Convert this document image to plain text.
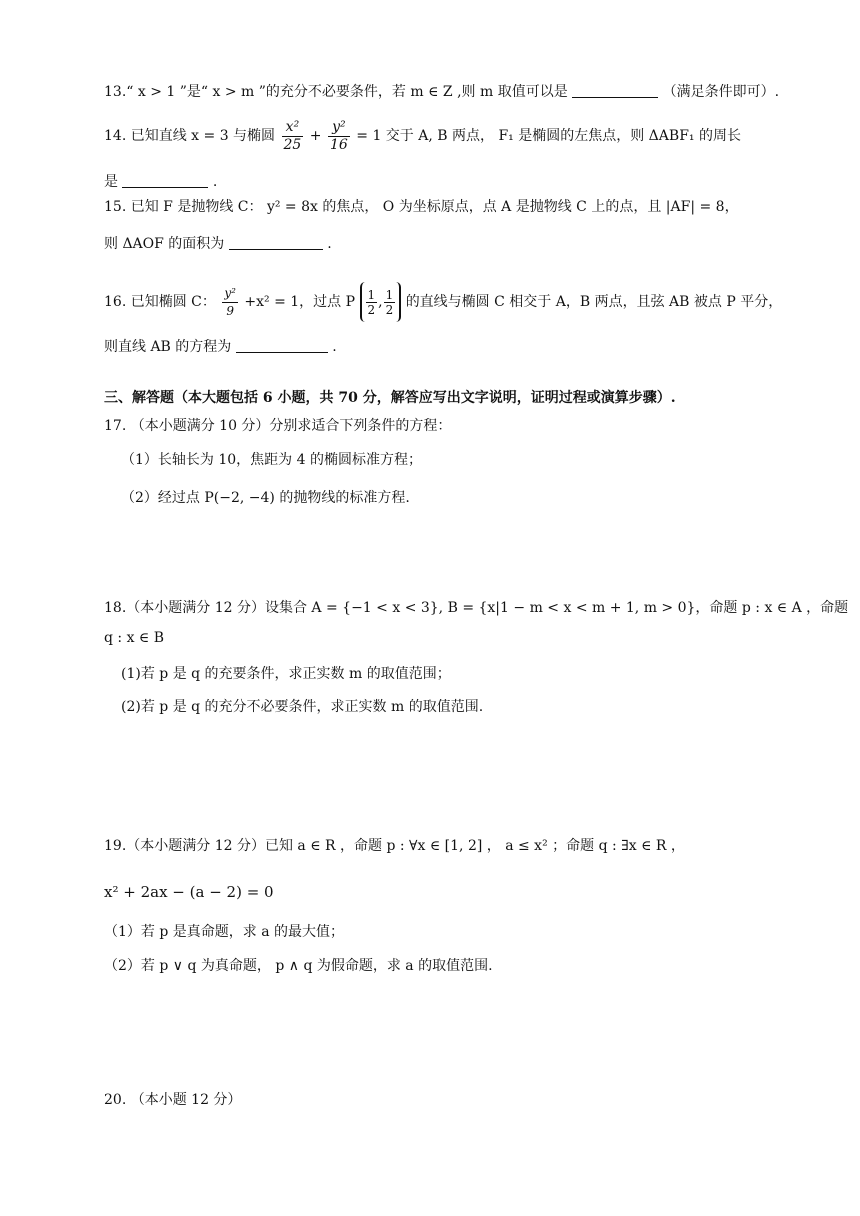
13.“ x > 1 ”是“ x > m ”的充分不必要条件，若 m ∈ Z ,则 m 取值可以是	（满足条件即可）.
14. 已知直线 x = 3 与椭圆 $\frac{\text{x²}}{25} + \frac{\text{y²}}{16} = 1$ 交于 A, B 两点， F₁ 是椭圆的左焦点，则 ΔABF₁ 的周长
是	.
15. 已知 F 是抛物线 C： y² = 8x 的焦点， O 为坐标原点，点 A 是抛物线 C 上的点，且 |AF| = 8，
则 ΔAOF 的面积为	.
16. 已知椭圆 C： $\frac{\text{y²}}{9} +x^2 = 1$，过点 P $\frac{1}{2}$ , $\frac{1}{2}$ 的直线与椭圆 C 相交于 A，B 两点，且弦 AB 被点 P 平分，
则直线 AB 的方程为	.
三、解答题（本大题包括 6 小题，共 70 分，解答应写出文字说明，证明过程或演算步骤）.
17. （本小题满分 10 分）分别求适合下列条件的方程：
（1）长轴长为 10，焦距为 4 的椭圆标准方程；
（2）经过点 P(−2, −4) 的抛物线的标准方程.
18.（本小题满分 12 分）设集合 A = {−1 < x < 3}, B = {x|1 − m < x < m + 1, m > 0}，命题 p : x ∈ A ，命题
q : x ∈ B
(1)若 p 是 q 的充要条件，求正实数 m 的取值范围；
(2)若 p 是 q 的充分不必要条件，求正实数 m 的取值范围.
19.（本小题满分 12 分）已知 a ∈ R ，命题 p : ∀x ∈ [1, 2] ， a ≤ x² ；命题 q : ∃x ∈ R ，
x² + 2ax − (a − 2) = 0
（1）若 p 是真命题，求 a 的最大值；
（2）若 p ∨ q 为真命题， p ∧ q 为假命题，求 a 的取值范围.
20. （本小题 12 分）
